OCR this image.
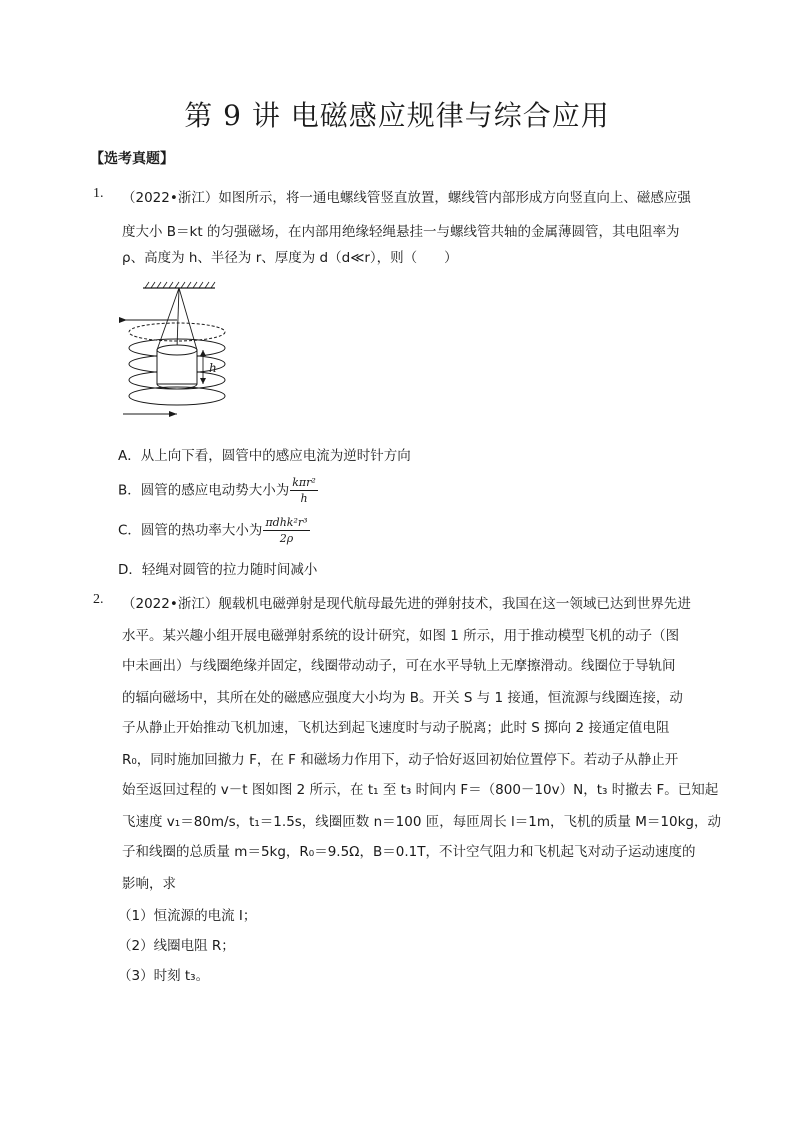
第 9 讲 电磁感应规律与综合应用
【选考真题】
1. （2022•浙江）如图所示，将一通电螺线管竖直放置，螺线管内部形成方向竖直向上、磁感应强
度大小 B＝kt 的匀强磁场，在内部用绝缘轻绳悬挂一与螺线管共轴的金属薄圆管，其电阻率为
ρ、高度为 h、半径为 r、厚度为 d（d≪r），则（　　）
h
A．从上向下看，圆管中的感应电流为逆时针方向
B．圆管的感应电动势大小为 $\frac{\text{kπr²}}{h}$
C．圆管的热功率大小为 $\frac{\text{πdhk²r³}}{2\rho}$
D．轻绳对圆管的拉力随时间减小
2. （2022•浙江）舰载机电磁弹射是现代航母最先进的弹射技术，我国在这一领域已达到世界先进
水平。某兴趣小组开展电磁弹射系统的设计研究，如图 1 所示，用于推动模型飞机的动子（图
中未画出）与线圈绝缘并固定，线圈带动动子，可在水平导轨上无摩擦滑动。线圈位于导轨间
的辐向磁场中，其所在处的磁感应强度大小均为 B。开关 S 与 1 接通，恒流源与线圈连接，动
子从静止开始推动飞机加速，飞机达到起飞速度时与动子脱离；此时 S 掷向 2 接通定值电阻
R₀，同时施加回撤力 F，在 F 和磁场力作用下，动子恰好返回初始位置停下。若动子从静止开
始至返回过程的 v－t 图如图 2 所示，在 t₁ 至 t₃ 时间内 F＝（800－10v）N，t₃ 时撤去 F。已知起
飞速度 v₁＝80m/s，t₁＝1.5s，线圈匝数 n＝100 匝，每匝周长 l＝1m，飞机的质量 M＝10kg，动
子和线圈的总质量 m＝5kg，R₀＝9.5Ω，B＝0.1T，不计空气阻力和飞机起飞对动子运动速度的
影响，求
（1）恒流源的电流 I；
（2）线圈电阻 R；
（3）时刻 t₃。
